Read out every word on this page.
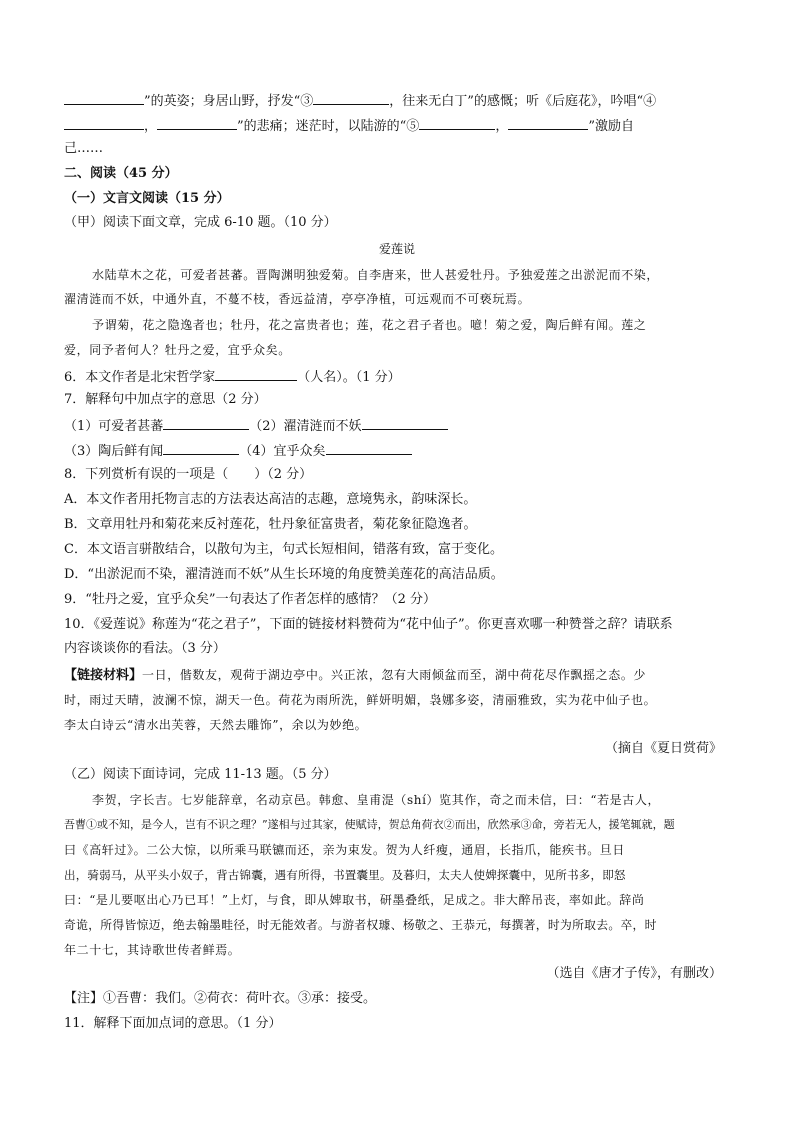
”的英姿；身居山野，抒发“③	，往来无白丁”的感慨；听《后庭花》，吟唱“④
，	”的悲痛；迷茫时，以陆游的“⑤	，	”激励自
己……
二、阅读（45 分）
（一）文言文阅读（15 分）
（甲）阅读下面文章，完成 6-10 题。（10 分）
爱莲说
水陆草木之花，可爱者甚蕃。晋陶渊明独爱菊。自李唐来，世人甚爱牡丹。予独爱莲之出淤泥而不染，
濯清涟而不妖，中通外直，不蔓不枝，香远益清，亭亭净植，可远观而不可亵玩焉。
予谓菊，花之隐逸者也；牡丹，花之富贵者也；莲，花之君子者也。噫！菊之爱，陶后鲜有闻。莲之
爱，同予者何人？牡丹之爱，宜乎众矣。
6．本文作者是北宋哲学家	（人名）。（1 分）
7．解释句中加点字的意思（2 分）
（1）可爱者甚蕃	（2）濯清涟而不妖
（3）陶后鲜有闻	（4）宜乎众矣
8．下列赏析有误的一项是（　　）（2 分）
A．本文作者用托物言志的方法表达高洁的志趣，意境隽永，韵味深长。
B．文章用牡丹和菊花来反衬莲花，牡丹象征富贵者，菊花象征隐逸者。
C．本文语言骈散结合，以散句为主，句式长短相间，错落有致，富于变化。
D．“出淤泥而不染，濯清涟而不妖”从生长环境的角度赞美莲花的高洁品质。
9．“牡丹之爱，宜乎众矣”一句表达了作者怎样的感情？（2 分）
10．《爱莲说》称莲为“花之君子”，下面的链接材料赞荷为“花中仙子”。你更喜欢哪一种赞誉之辞？请联系
内容谈谈你的看法。（3 分）
【链接材料】一日，偕数友，观荷于湖边亭中。兴正浓，忽有大雨倾盆而至，湖中荷花尽作飘摇之态。少
时，雨过天晴，波澜不惊，湖天一色。荷花为雨所洗，鲜妍明媚，袅娜多姿，清丽雅致，实为花中仙子也。
李太白诗云“清水出芙蓉，天然去雕饰”，余以为妙绝。
（摘自《夏日赏荷》
（乙）阅读下面诗词，完成 11-13 题。（5 分）
李贺，字长吉。七岁能辞章，名动京邑。韩愈、皇甫湜（shí）览其作，奇之而未信，曰：“若是古人，
吾曹①或不知，是今人，岂有不识之理？”遂相与过其家，使赋诗，贺总角荷衣②而出，欣然承③命，旁若无人，援笔辄就，题
曰《高轩过》。二公大惊，以所乘马联镳而还，亲为束发。贺为人纤瘦，通眉，长指爪，能疾书。旦日
出，骑弱马，从平头小奴子，背古锦囊，遇有所得，书置囊里。及暮归，太夫人使婢探囊中，见所书多，即怒
曰：“是儿要呕出心乃已耳！”上灯，与食，即从婢取书，研墨叠纸，足成之。非大醉吊丧，率如此。辞尚
奇诡，所得皆惊迈，绝去翰墨畦径，时无能效者。与游者权璩、杨敬之、王恭元，每撰著，时为所取去。卒，时
年二十七，其诗歌世传者鲜焉。
（选自《唐才子传》，有删改）
【注】①吾曹：我们。②荷衣：荷叶衣。③承：接受。
11．解释下面加点词的意思。（1 分）
